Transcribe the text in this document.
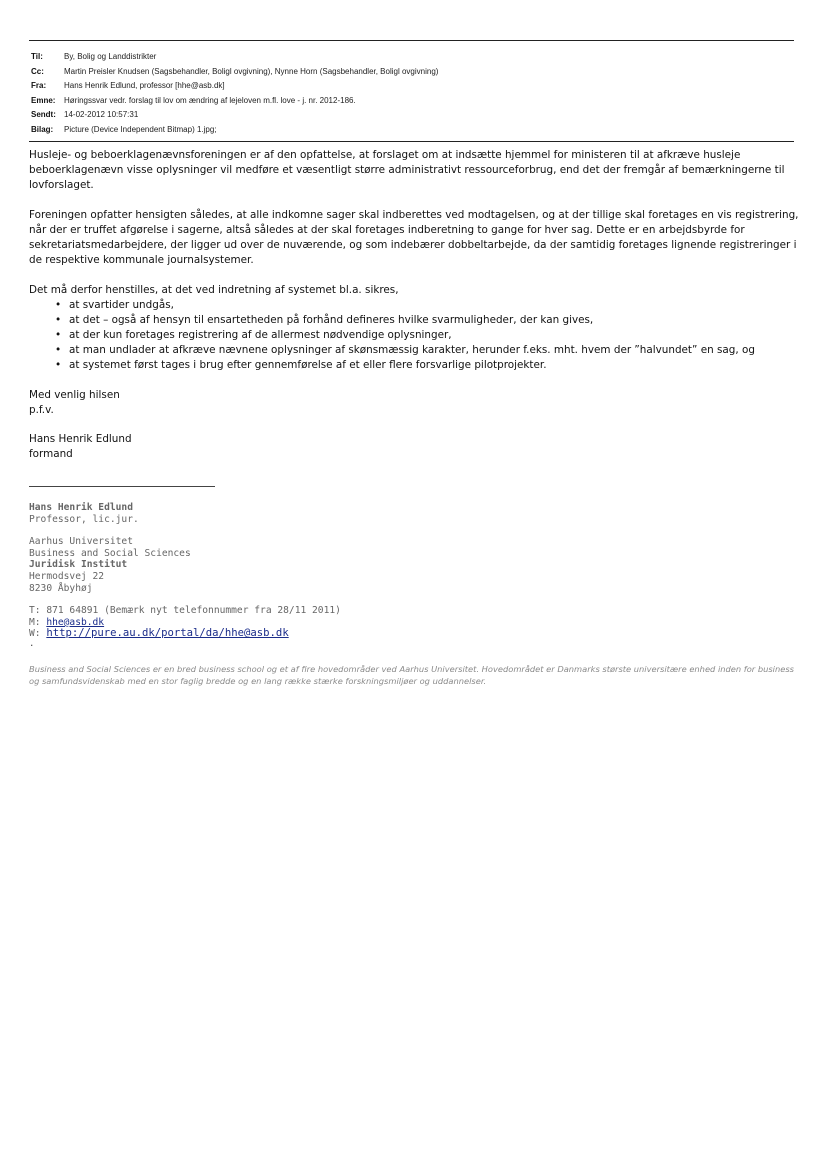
Til:	By, Bolig og Landdistrikter
Cc:	Martin Preisler Knudsen (Sagsbehandler, Boligl ovgivning), Nynne Horn (Sagsbehandler, Boligl ovgivning)
Fra:	Hans Henrik Edlund, professor [hhe@asb.dk]
Emne:	Høringssvar vedr. forslag til lov om ændring af lejeloven m.fl. love - j. nr. 2012-186.
Sendt:	14-02-2012 10:57:31
Bilag:	Picture (Device Independent Bitmap) 1.jpg;

Husleje- og beboerklagenævnsforeningen er af den opfattelse, at forslaget om at indsætte hjemmel for ministeren til at afkræve husleje beboerklagenævn visse oplysninger vil medføre et væsentligt større administrativt ressourceforbrug, end det der fremgår af bemærkningerne til lovforslaget.

Foreningen opfatter hensigten således, at alle indkomne sager skal indberettes ved modtagelsen, og at der tillige skal foretages en vis registrering, når der er truffet afgørelse i sagerne, altså således at der skal foretages indberetning to gange for hver sag. Dette er en arbejdsbyrde for sekretariatsmedarbejdere, der ligger ud over de nuværende, og som indebærer dobbeltarbejde, da der samtidig foretages lignende registreringer i de respektive kommunale journalsystemer.

Det må derfor henstilles, at det ved indretning af systemet bl.a. sikres,

• at svartider undgås,
• at det – også af hensyn til ensartetheden på forhånd defineres hvilke svarmuligheder, der kan gives,
• at der kun foretages registrering af de allermest nødvendige oplysninger,
• at man undlader at afkræve nævnene oplysninger af skønsmæssig karakter, herunder f.eks. mht. hvem der ”halvundet” en sag, og
• at systemet først tages i brug efter gennemførelse af et eller flere forsvarlige pilotprojekter.
Med venlig hilsen
p.f.v.
Hans Henrik Edlund
formand
Hans Henrik Edlund
Professor, lic.jur.
Aarhus Universitet
Business and Social Sciences
Juridisk Institut
Hermodsvej 22
8230 Åbyhøj
T: 871 64891 (Bemærk nyt telefonnummer fra 28/11 2011)
M: hhe@asb.dk
W: http://pure.au.dk/portal/da/hhe@asb.dk
.
Business and Social Sciences er en bred business school og et af fire hovedområder ved Aarhus Universitet. Hovedområdet er Danmarks største universitære enhed inden for business og samfundsvidenskab med en stor faglig bredde og en lang række stærke forskningsmiljøer og uddannelser.
